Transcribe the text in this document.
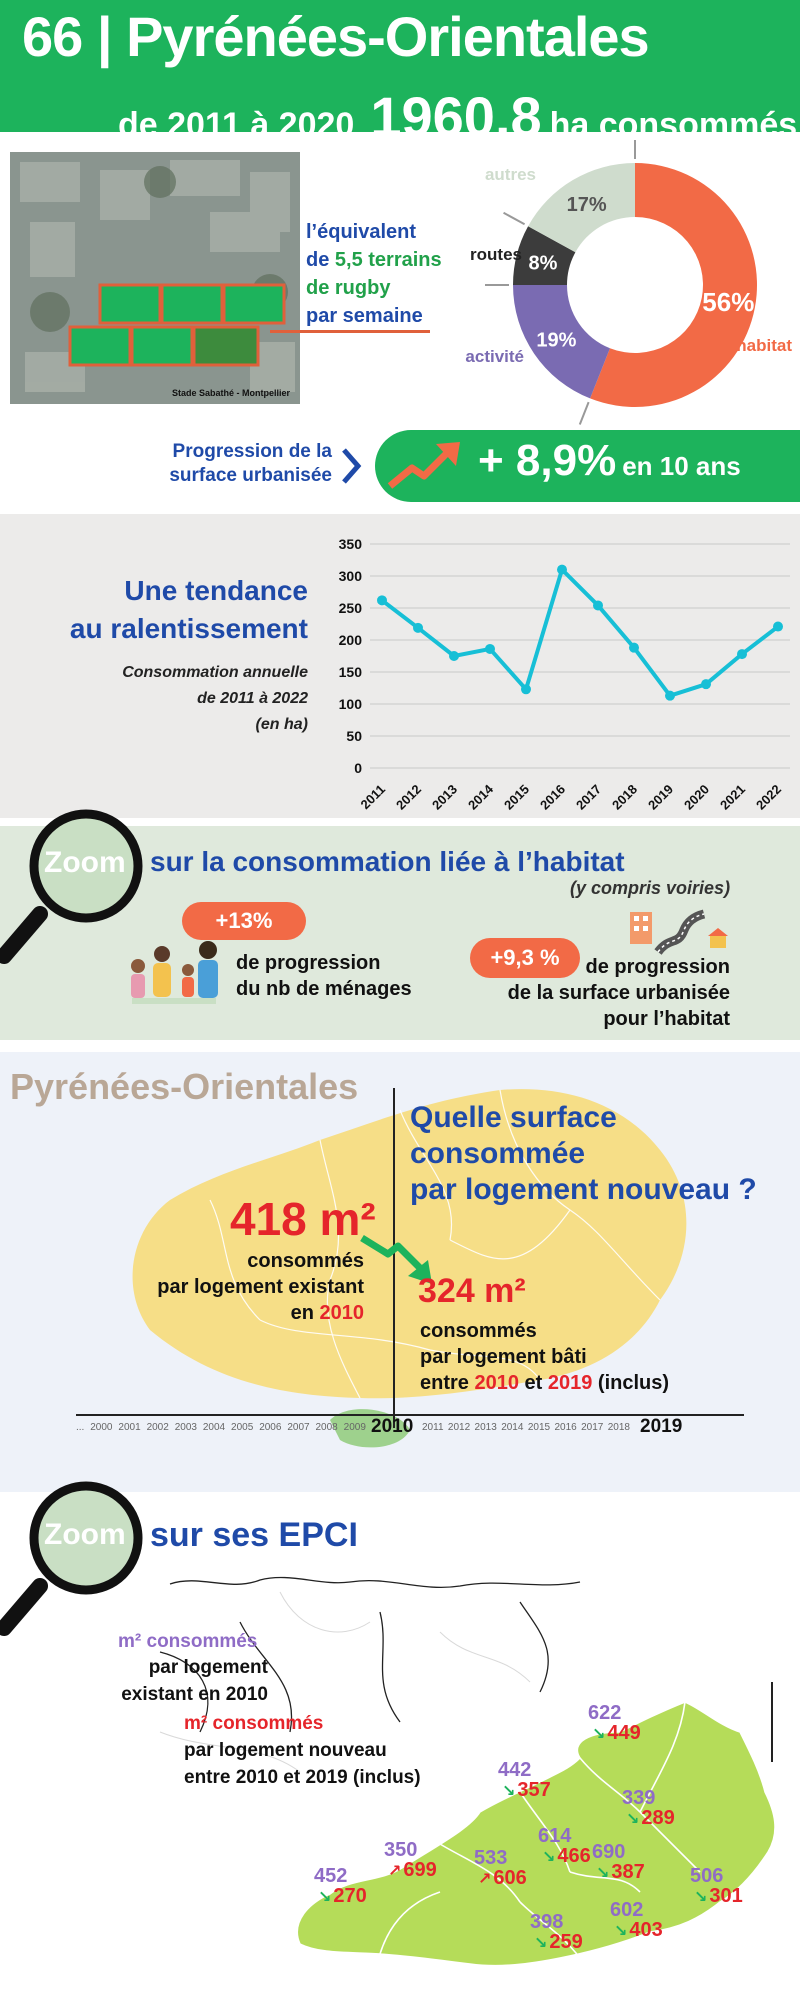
66 | Pyrénées-Orientales
de 2011 à 2020 1960,8 ha consommés
Stade Sabathé - Montpellier
l’équivalent
de 5,5 terrains
de rugby
par semaine	56%
19%
8%
17%
habitat
activité
routes
autres
Progression de la
surface urbanisée	+ 8,9% en 10 ans
Une tendance
au ralentissement
Consommation annuelle
de 2011 à 2022
(en ha)
0
50
100
150
200
250
300
350
2011 2012 2013 2014 2015 2016 2017 2018 2019 2020 2021 2022
Zoom sur la consommation liée à l’habitat
(y compris voiries)
+13%
de progression
du nb de ménages
+9,3 %	de progression
de la surface urbanisée
pour l’habitat
Pyrénées-Orientales
Quelle surface consommée
par logement nouveau ?
418 m²
consommés
par logement existant
en 2010
324 m²
consommés
par logement bâti
entre 2010 et 2019 (inclus)
... 2000 2001 2002 2003 2004 2005 2006 2007 2008 2009 2010 2011 2012 2013 2014 2015 2016 2017 2018 2019
Zoom sur ses EPCI
m² consommés
par logement
existant en 2010
m² consommés
par logement nouveau
entre 2010 et 2019 (inclus)
622
↘ 449
442
↘ 357	339
↘ 289
614
↘ 466 690
↘ 387
350
↗ 699
533
↗ 606
452
↘ 270
506
↘ 301
602
↘ 403
398
↘ 259
